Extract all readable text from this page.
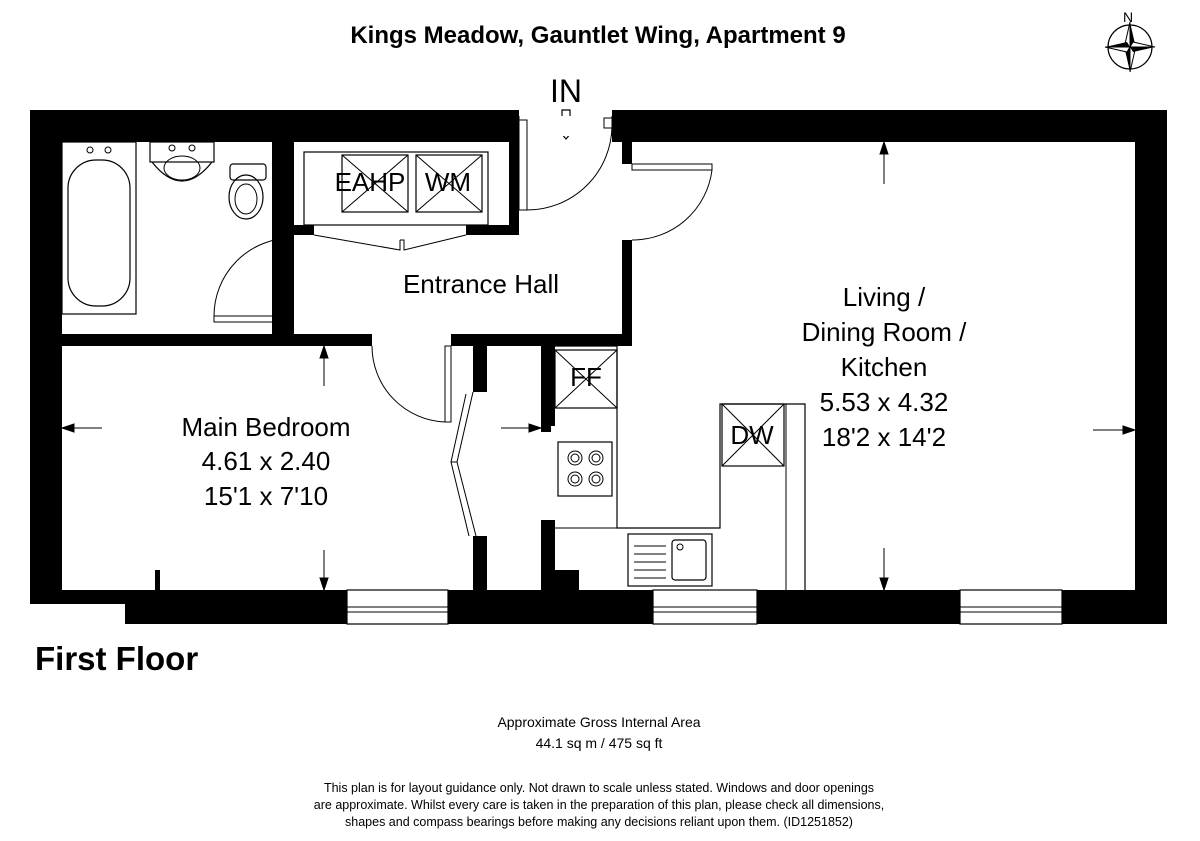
Kings Meadow, Gauntlet Wing, Apartment 9
N
IN
EAHP WM
Entrance Hall
FF
DW
Living /
Dining Room /
Kitchen
5.53 x 4.32
18'2 x 14'2
Main Bedroom
4.61 x 2.40
15'1 x 7'10
First Floor
Approximate Gross Internal Area
44.1 sq m / 475 sq ft
This plan is for layout guidance only. Not drawn to scale unless stated. Windows and door openings
are approximate. Whilst every care is taken in the preparation of this plan, please check all dimensions,
shapes and compass bearings before making any decisions reliant upon them. (ID1251852)
